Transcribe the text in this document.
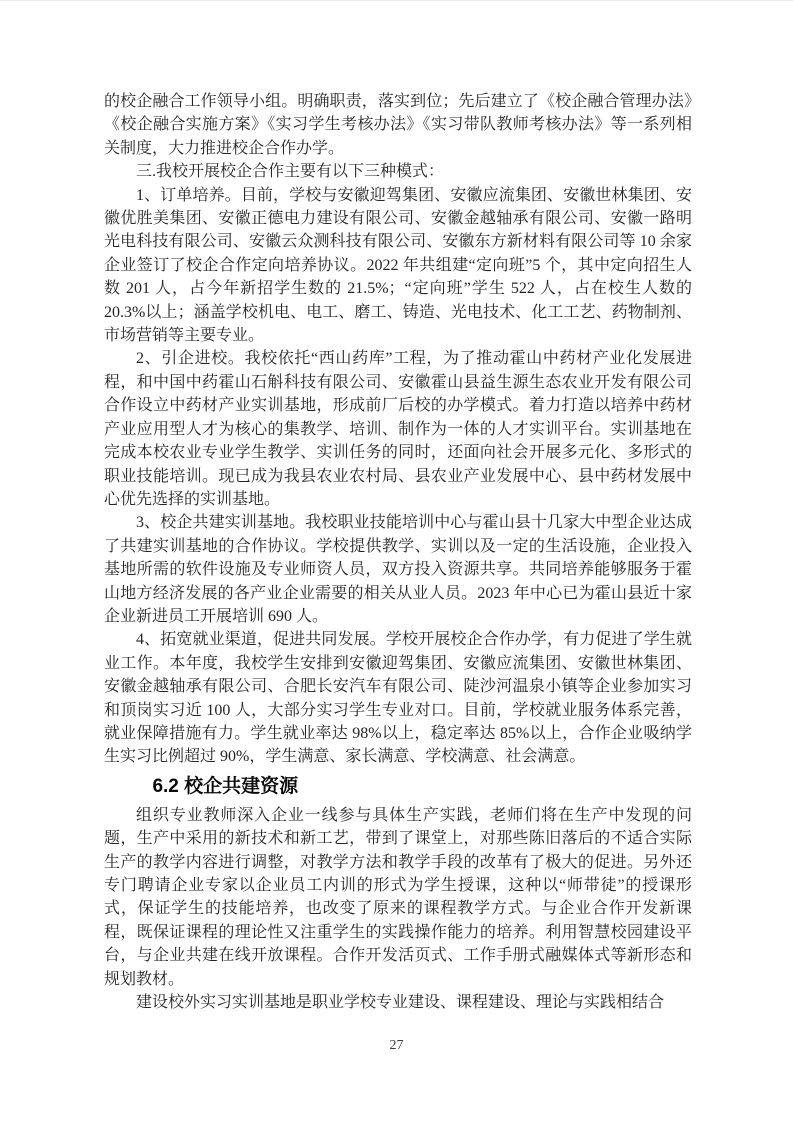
的校企融合工作领导小组。明确职责，落实到位；先后建立了《校企融合管理办法》《校企融合实施方案》《实习学生考核办法》《实习带队教师考核办法》等一系列相关制度，大力推进校企合作办学。

三.我校开展校企合作主要有以下三种模式：

1、订单培养。目前，学校与安徽迎驾集团、安徽应流集团、安徽世林集团、安徽优胜美集团、安徽正德电力建设有限公司、安徽金越轴承有限公司、安徽一路明光电科技有限公司、安徽云众测科技有限公司、安徽东方新材料有限公司等 10 余家企业签订了校企合作定向培养协议。2022 年共组建“定向班”5 个，其中定向招生人数 201 人，占今年新招学生数的 21.5%；“定向班”学生 522 人，占在校生人数的 20.3%以上；涵盖学校机电、电工、磨工、铸造、光电技术、化工工艺、药物制剂、市场营销等主要专业。

2、引企进校。我校依托“西山药库”工程，为了推动霍山中药材产业化发展进程，和中国中药霍山石斛科技有限公司、安徽霍山县益生源生态农业开发有限公司合作设立中药材产业实训基地，形成前厂后校的办学模式。着力打造以培养中药材产业应用型人才为核心的集教学、培训、制作为一体的人才实训平台。实训基地在完成本校农业专业学生教学、实训任务的同时，还面向社会开展多元化、多形式的职业技能培训。现已成为我县农业农村局、县农业产业发展中心、县中药材发展中心优先选择的实训基地。

3、校企共建实训基地。我校职业技能培训中心与霍山县十几家大中型企业达成了共建实训基地的合作协议。学校提供教学、实训以及一定的生活设施，企业投入基地所需的软件设施及专业师资人员，双方投入资源共享。共同培养能够服务于霍山地方经济发展的各产业企业需要的相关从业人员。2023 年中心已为霍山县近十家企业新进员工开展培训 690 人。

4、拓宽就业渠道，促进共同发展。学校开展校企合作办学，有力促进了学生就业工作。本年度，我校学生安排到安徽迎驾集团、安徽应流集团、安徽世林集团、安徽金越轴承有限公司、合肥长安汽车有限公司、陡沙河温泉小镇等企业参加实习和顶岗实习近 100 人，大部分实习学生专业对口。目前，学校就业服务体系完善，就业保障措施有力。学生就业率达 98%以上，稳定率达 85%以上，合作企业吸纳学生实习比例超过 90%，学生满意、家长满意、学校满意、社会满意。

6.2 校企共建资源

组织专业教师深入企业一线参与具体生产实践，老师们将在生产中发现的问题，生产中采用的新技术和新工艺，带到了课堂上，对那些陈旧落后的不适合实际生产的教学内容进行调整，对教学方法和教学手段的改革有了极大的促进。另外还专门聘请企业专家以企业员工内训的形式为学生授课，这种以“师带徒”的授课形式，保证学生的技能培养，也改变了原来的课程教学方式。与企业合作开发新课程，既保证课程的理论性又注重学生的实践操作能力的培养。利用智慧校园建设平台，与企业共建在线开放课程。合作开发活页式、工作手册式融媒体式等新形态和规划教材。

建设校外实习实训基地是职业学校专业建设、课程建设、理论与实践相结合

27
